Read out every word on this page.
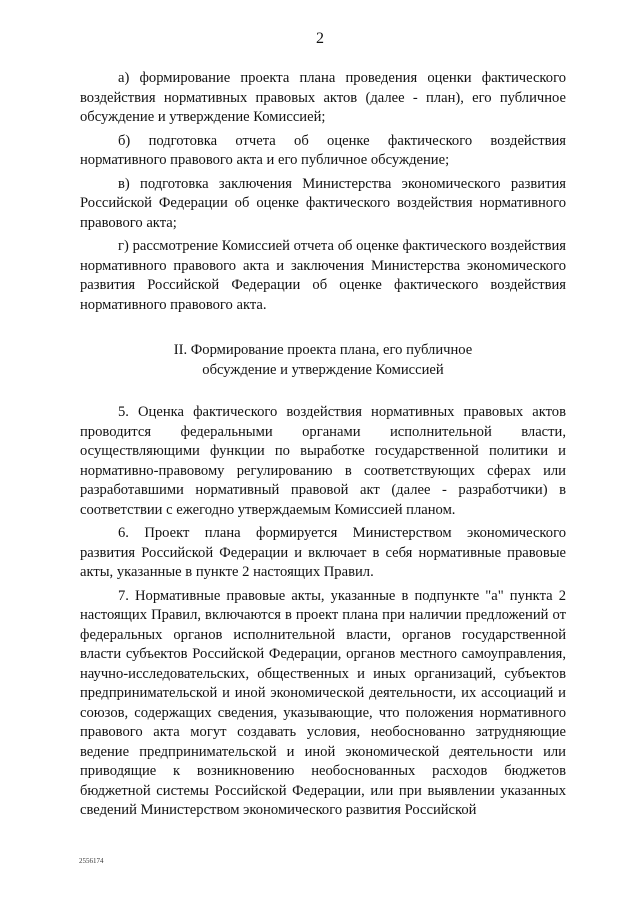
2

а) формирование проекта плана проведения оценки фактического воздействия нормативных правовых актов (далее - план), его публичное обсуждение и утверждение Комиссией;

б) подготовка отчета об оценке фактического воздействия нормативного правового акта и его публичное обсуждение;

в) подготовка заключения Министерства экономического развития Российской Федерации об оценке фактического воздействия нормативного правового акта;

г) рассмотрение Комиссией отчета об оценке фактического воздействия нормативного правового акта и заключения Министерства экономического развития Российской Федерации об оценке фактического воздействия нормативного правового акта.

II. Формирование проекта плана, его публичное
обсуждение и утверждение Комиссией

5. Оценка фактического воздействия нормативных правовых актов проводится федеральными органами исполнительной власти, осуществляющими функции по выработке государственной политики и нормативно-правовому регулированию в соответствующих сферах или разработавшими нормативный правовой акт (далее - разработчики) в соответствии с ежегодно утверждаемым Комиссией планом.

6. Проект плана формируется Министерством экономического развития Российской Федерации и включает в себя нормативные правовые акты, указанные в пункте 2 настоящих Правил.

7. Нормативные правовые акты, указанные в подпункте "а" пункта 2 настоящих Правил, включаются в проект плана при наличии предложений от федеральных органов исполнительной власти, органов государственной власти субъектов Российской Федерации, органов местного самоуправления, научно-исследовательских, общественных и иных организаций, субъектов предпринимательской и иной экономической деятельности, их ассоциаций и союзов, содержащих сведения, указывающие, что положения нормативного правового акта могут создавать условия, необоснованно затрудняющие ведение предпринимательской и иной экономической деятельности или приводящие к возникновению необоснованных расходов бюджетов бюджетной системы Российской Федерации, или при выявлении указанных сведений Министерством экономического развития Российской

2556174
